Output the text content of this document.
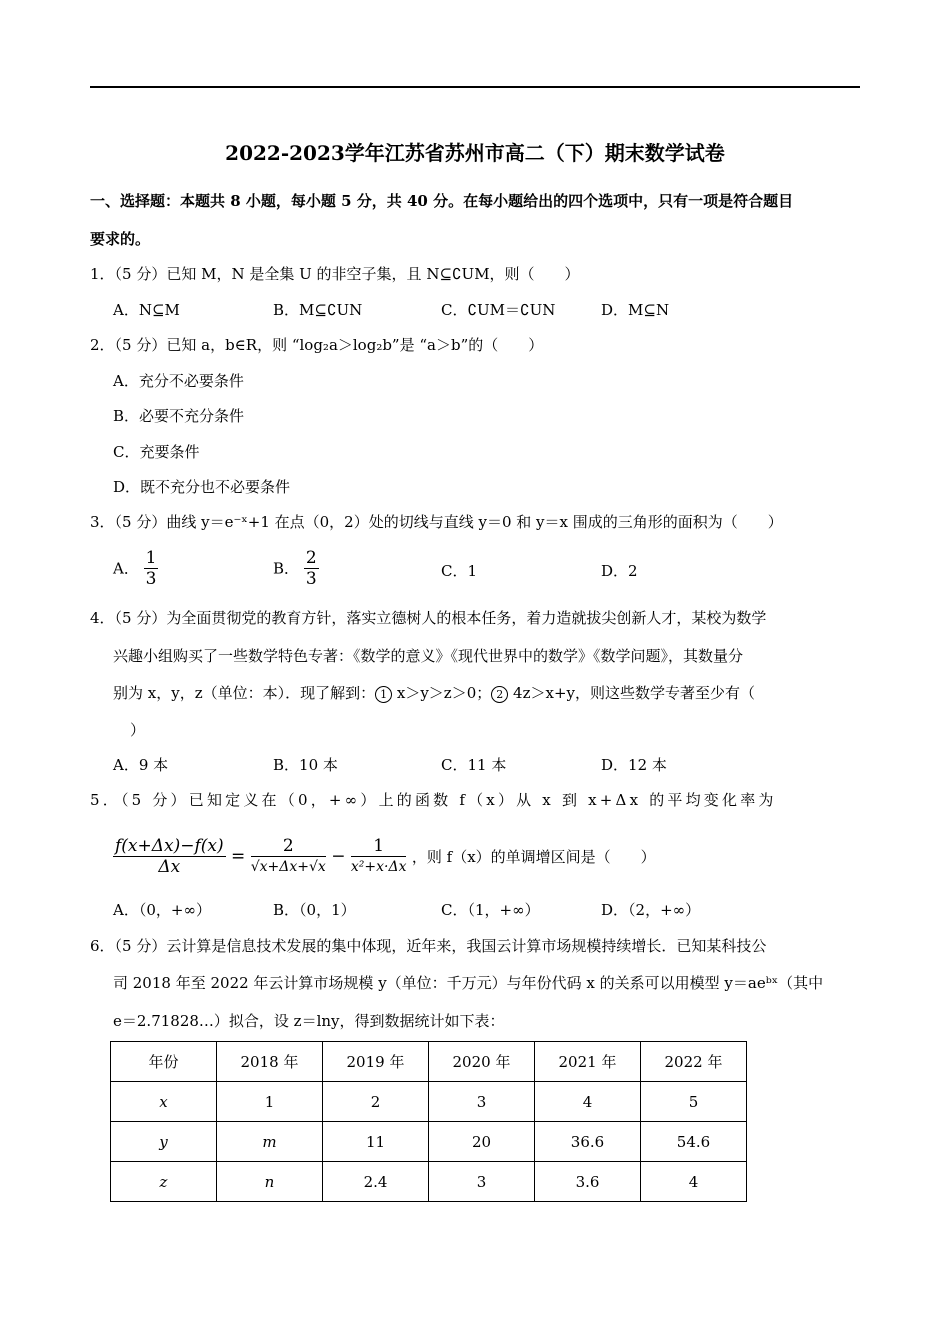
2022-2023学年江苏省苏州市高二（下）期末数学试卷
一、选择题：本题共 8 小题，每小题 5 分，共 40 分。在每小题给出的四个选项中，只有一项是符合题目
要求的。
1．（5 分）已知 M，N 是全集 U 的非空子集，且 N⊆∁UM，则（　　）
A．N⊆M	B．M⊆∁UN	C．∁UM＝∁UN	D．M⊆N
2．（5 分）已知 a，b∈R，则 “log₂a＞log₂b”是 “a＞b”的（　　）
A．充分不必要条件
B．必要不充分条件
C．充要条件
D．既不充分也不必要条件
3．（5 分）曲线 y＝e⁻ˣ+1 在点（0，2）处的切线与直线 y＝0 和 y＝x 围成的三角形的面积为（　　）
A． $\frac{1}{3}$	B． $\frac{2}{3}$	C．1	D．2
4．（5 分）为全面贯彻党的教育方针，落实立德树人的根本任务，着力造就拔尖创新人才，某校为数学
兴趣小组购买了一些数学特色专著：《数学的意义》《现代世界中的数学》《数学问题》，其数量分
别为 x，y，z（单位：本）．现了解到： 1 x＞y＞z＞0； 2 4z＞x+y，则这些数学专著至少有（
）
A．9 本	B．10 本	C．11 本	D．12 本
5．（5 分）已知定义在（0，+∞）上的函数 f（x）从 x 到 x+Δx 的平均变化率为
$\frac{f(x+\Delta x)-f(x)}{\Delta x} = \frac{2}{√x+\Delta x+√x} - \frac{1}{\text{x²+x·Δx}}$ ，则 f（x）的单调增区间是（　　）
A．（0，+∞）	B．（0，1）	C．（1，+∞）	D．（2，+∞）
6．（5 分）云计算是信息技术发展的集中体现，近年来，我国云计算市场规模持续增长．已知某科技公
司 2018 年至 2022 年云计算市场规模 y（单位：千万元）与年份代码 x 的关系可以用模型 y＝aeᵇˣ（其中
e＝2.71828…）拟合，设 z＝lny，得到数据统计如下表：
年份	2018 年	2019 年	2020 年	2021 年	2022 年
x	1	2	3	4	5
y	m	11	20	36.6	54.6
z	n	2.4	3	3.6	4
